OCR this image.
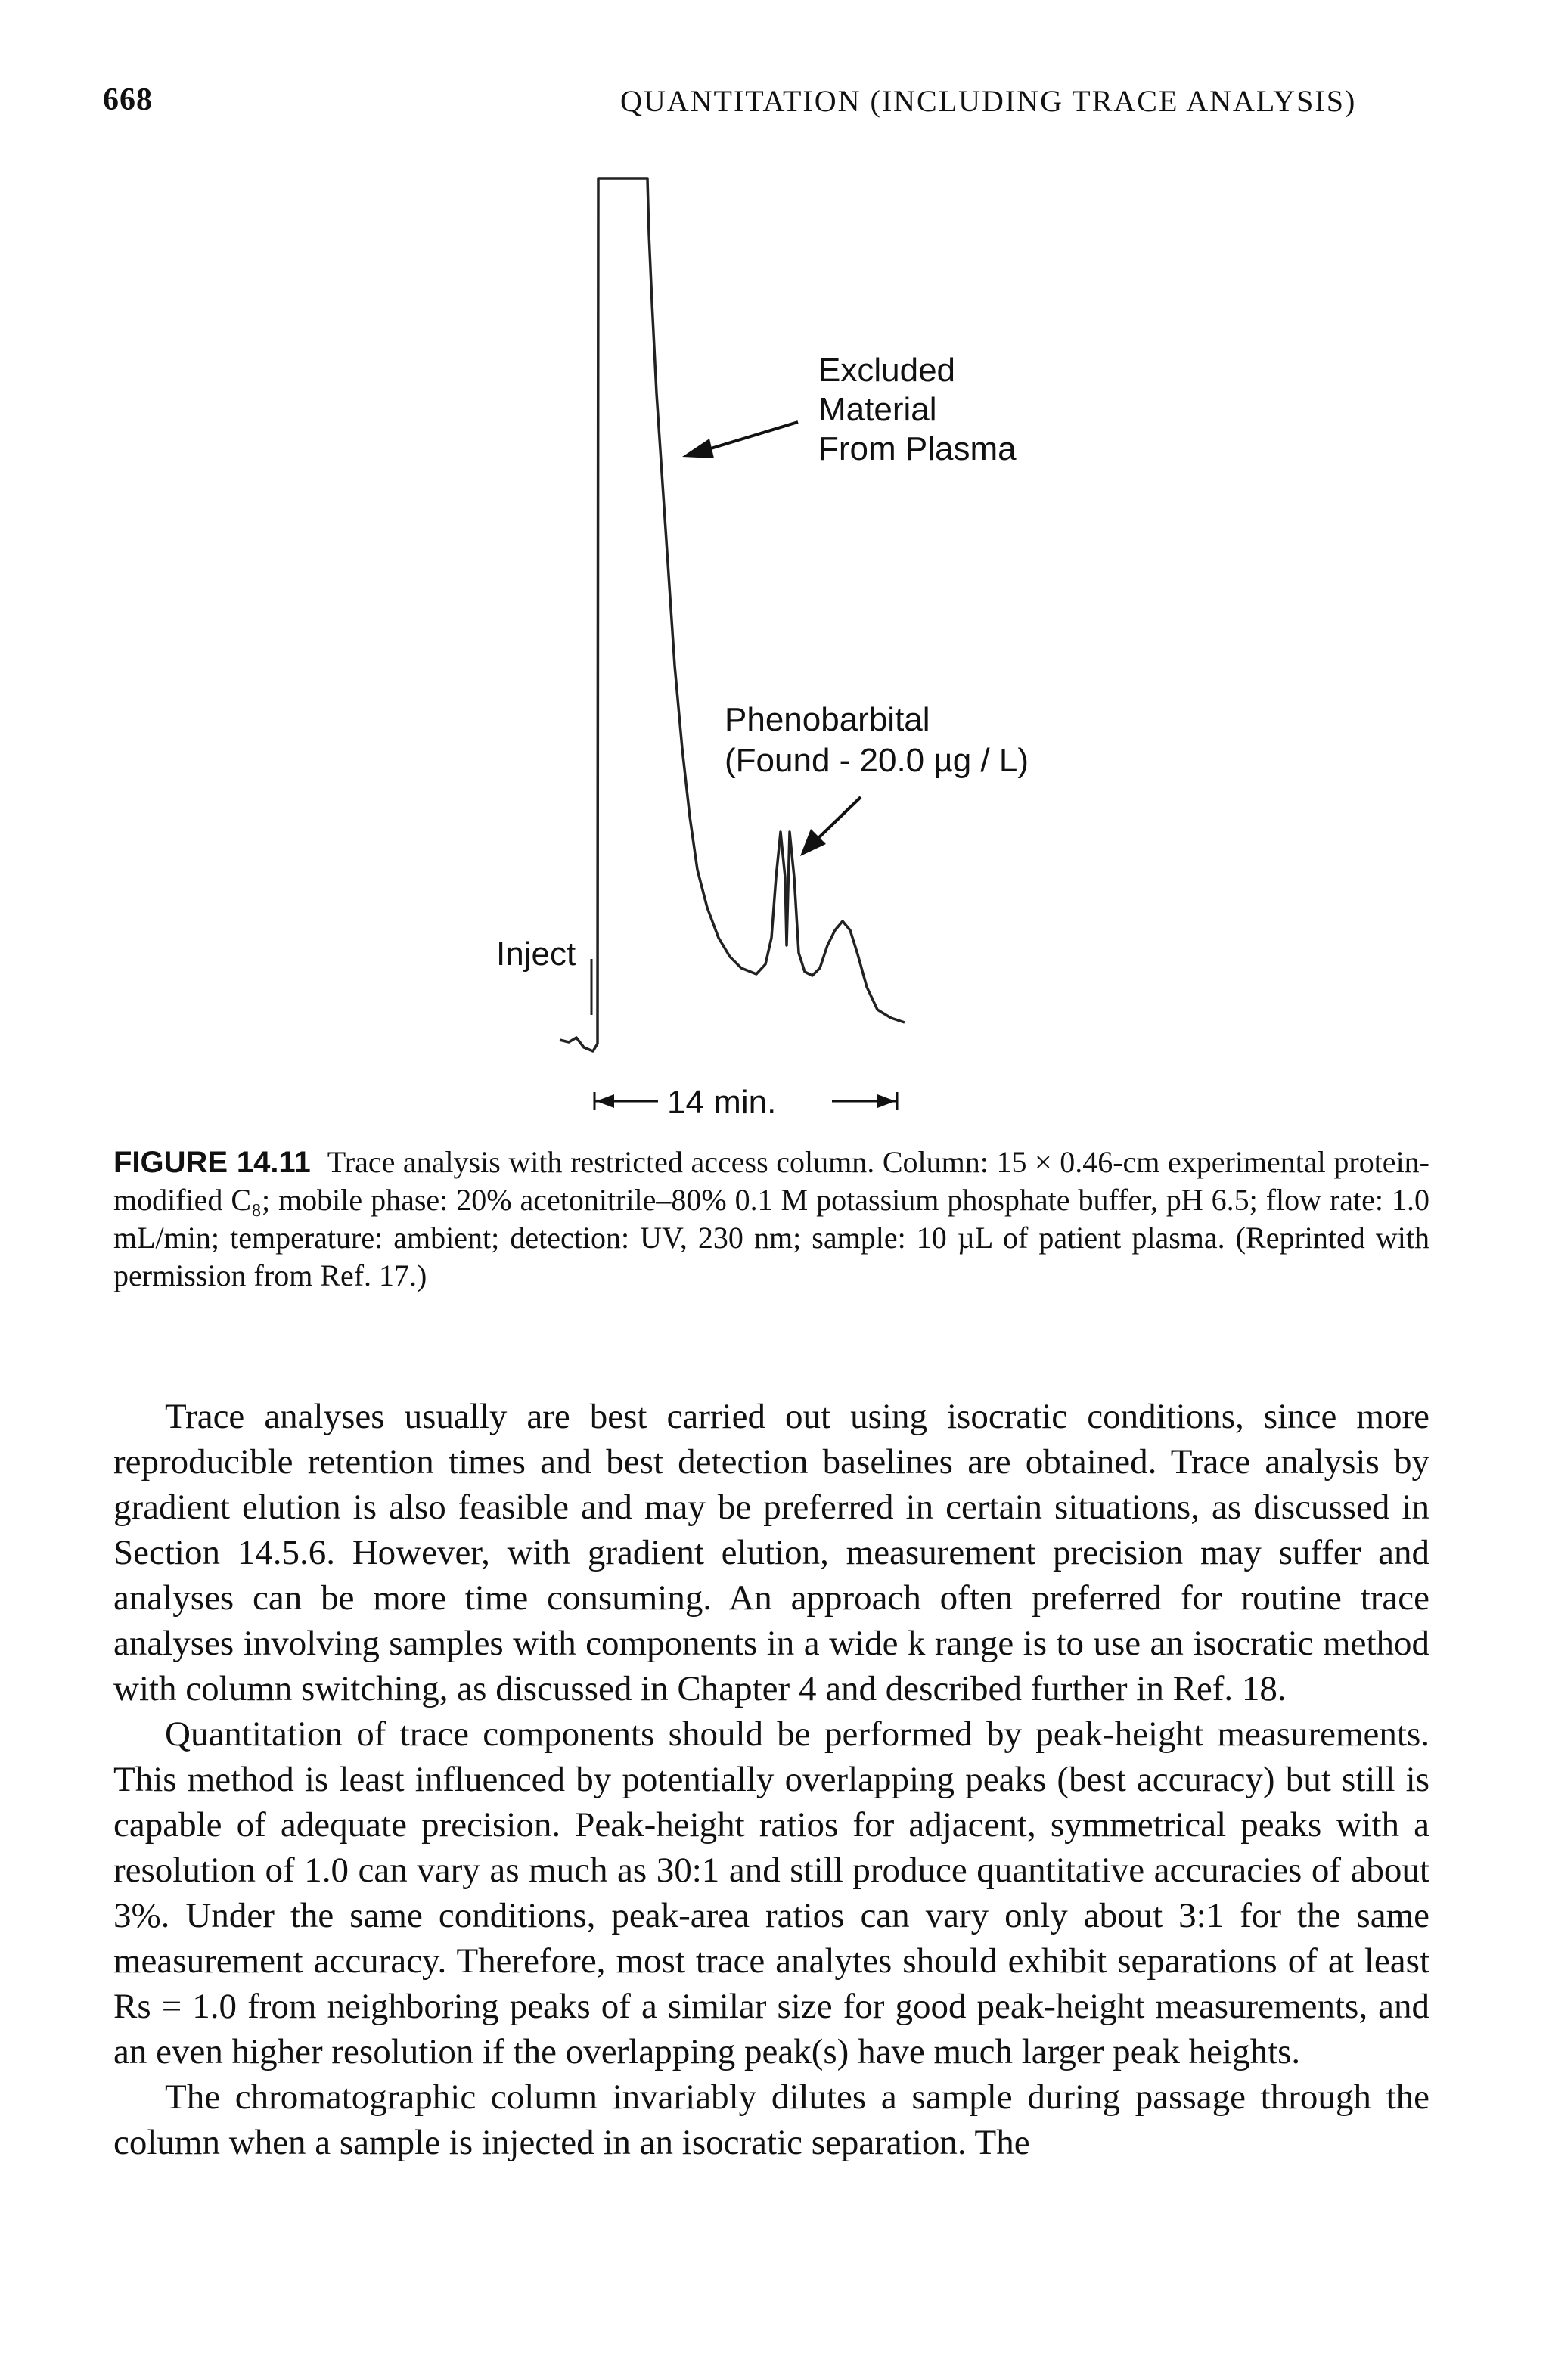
668	QUANTITATION (INCLUDING TRACE ANALYSIS)
Excluded
Material
From Plasma
Phenobarbital
(Found - 20.0 µg / L)
Inject
14 min.
FIGURE 14.11 Trace analysis with restricted access column. Column: 15 × 0.46-cm experimental protein-modified C₈; mobile phase: 20% acetonitrile–80% 0.1 M potassium phosphate buffer, pH 6.5; flow rate: 1.0 mL/min; temperature: ambient; detection: UV, 230 nm; sample: 10 µL of patient plasma. (Reprinted with permission from Ref. 17.)

Trace analyses usually are best carried out using isocratic conditions, since more reproducible retention times and best detection baselines are obtained. Trace analysis by gradient elution is also feasible and may be preferred in certain situations, as discussed in Section 14.5.6. However, with gradient elution, measurement precision may suffer and analyses can be more time consuming. An approach often preferred for routine trace analyses involving samples with components in a wide k range is to use an isocratic method with column switching, as discussed in Chapter 4 and described further in Ref. 18.

Quantitation of trace components should be performed by peak-height measurements. This method is least influenced by potentially overlapping peaks (best accuracy) but still is capable of adequate precision. Peak-height ratios for adjacent, symmetrical peaks with a resolution of 1.0 can vary as much as 30:1 and still produce quantitative accuracies of about 3%. Under the same conditions, peak-area ratios can vary only about 3:1 for the same measurement accuracy. Therefore, most trace analytes should exhibit separations of at least Rs = 1.0 from neighboring peaks of a similar size for good peak-height measurements, and an even higher resolution if the overlapping peak(s) have much larger peak heights.

The chromatographic column invariably dilutes a sample during passage through the column when a sample is injected in an isocratic separation. The
